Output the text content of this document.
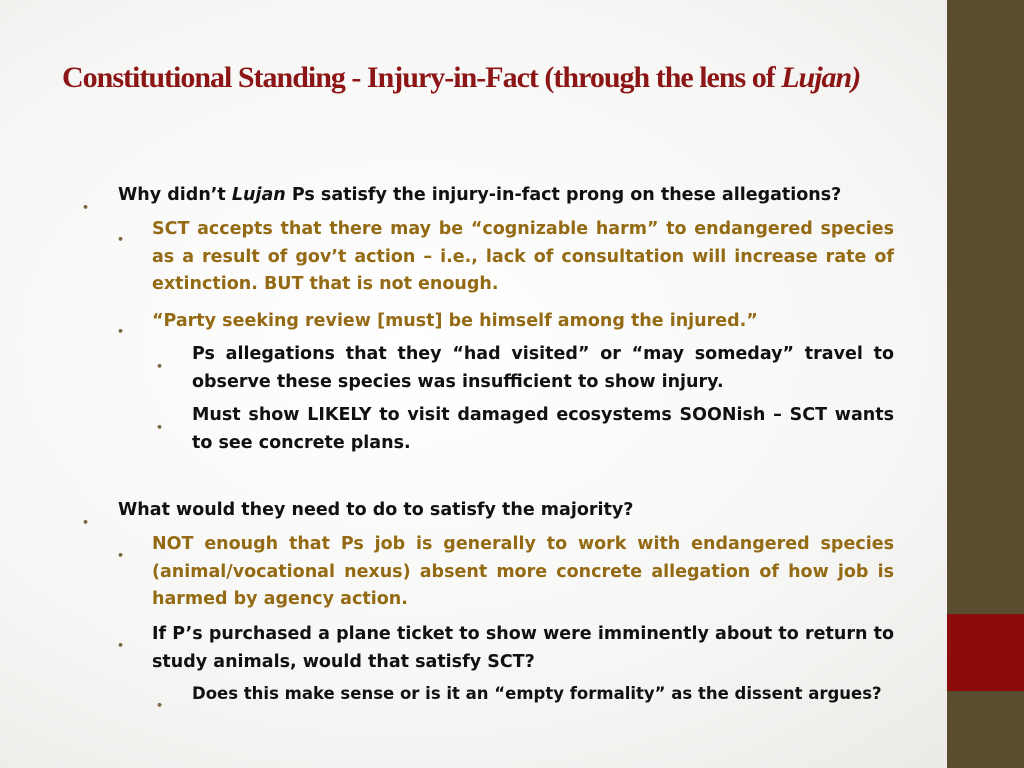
Constitutional Standing - Injury-in-Fact (through the lens of Lujan)
•
Why didn’t Lujan Ps satisfy the injury-in-fact prong on these allegations?
•
SCT accepts that there may be “cognizable harm” to endangered species as a result of gov’t action – i.e., lack of consultation will increase rate of extinction. BUT that is not enough.
•
“Party seeking review [must] be himself among the injured.”
•
Ps allegations that they “had visited” or “may someday” travel to observe these species was insufficient to show injury.
•
Must show LIKELY to visit damaged ecosystems SOONish – SCT wants to see concrete plans.
•
What would they need to do to satisfy the majority?
•
NOT enough that Ps job is generally to work with endangered species (animal/vocational nexus) absent more concrete allegation of how job is harmed by agency action.
•
If P’s purchased a plane ticket to show were imminently about to return to study animals, would that satisfy SCT?
•
Does this make sense or is it an “empty formality” as the dissent argues?
